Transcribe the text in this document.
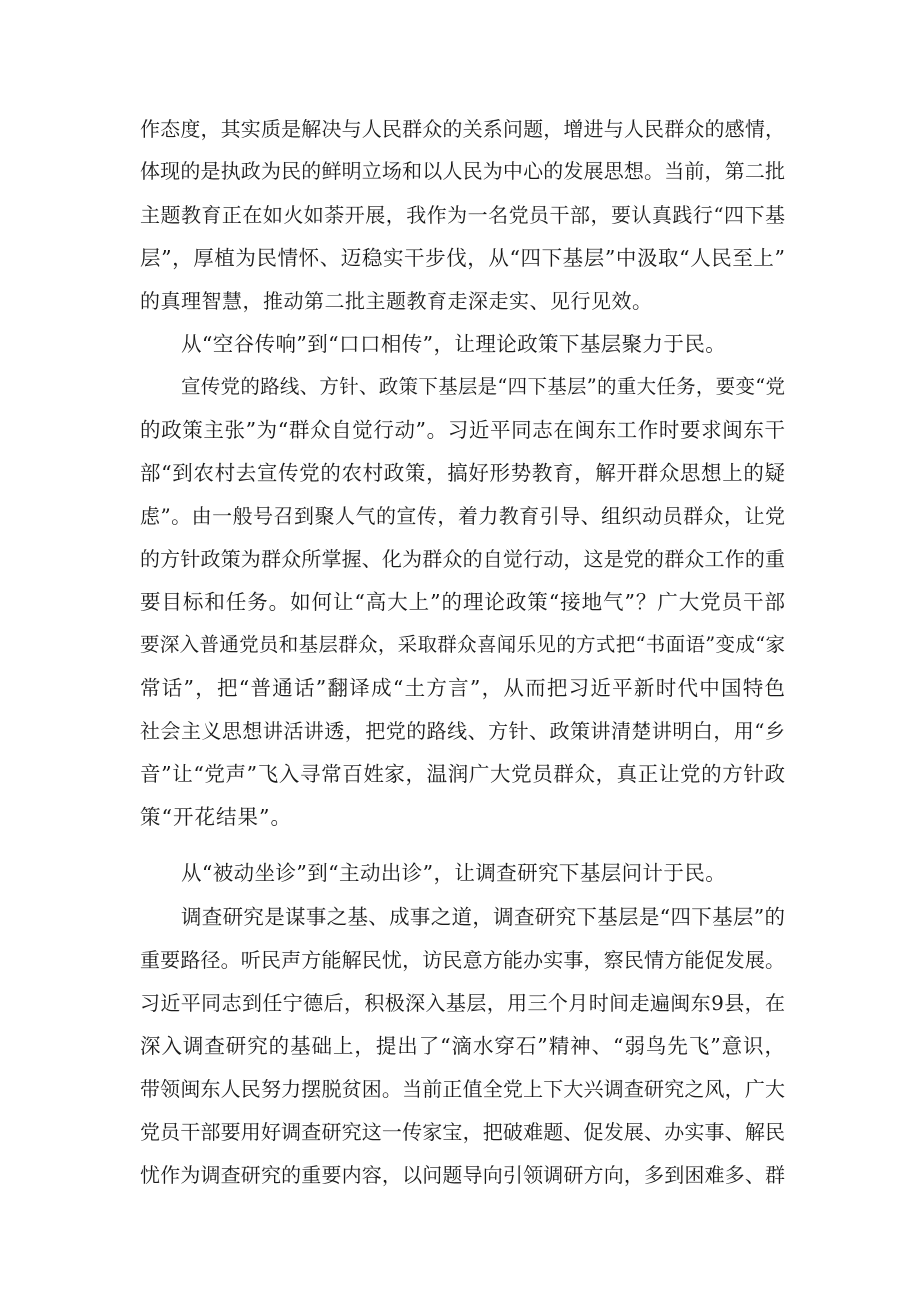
作态度，其实质是解决与人民群众的关系问题，增进与人民群众的感情，
体现的是执政为民的鲜明立场和以人民为中心的发展思想。当前，第二批
主题教育正在如火如荼开展，我作为一名党员干部，要认真践行“四下基
层”，厚植为民情怀、迈稳实干步伐，从“四下基层”中汲取“人民至上”
的真理智慧，推动第二批主题教育走深走实、见行见效。
从“空谷传响”到“口口相传”，让理论政策下基层聚力于民。
宣传党的路线、方针、政策下基层是“四下基层”的重大任务，要变“党
的政策主张”为“群众自觉行动”。习近平同志在闽东工作时要求闽东干
部“到农村去宣传党的农村政策，搞好形势教育，解开群众思想上的疑
虑”。由一般号召到聚人气的宣传，着力教育引导、组织动员群众，让党
的方针政策为群众所掌握、化为群众的自觉行动，这是党的群众工作的重
要目标和任务。如何让“高大上”的理论政策“接地气”？广大党员干部
要深入普通党员和基层群众，采取群众喜闻乐见的方式把“书面语”变成“家
常话”，把“普通话”翻译成“土方言”，从而把习近平新时代中国特色
社会主义思想讲活讲透，把党的路线、方针、政策讲清楚讲明白，用“乡
音”让“党声”飞入寻常百姓家，温润广大党员群众，真正让党的方针政
策“开花结果”。
从“被动坐诊”到“主动出诊”，让调查研究下基层问计于民。
调查研究是谋事之基、成事之道，调查研究下基层是“四下基层”的
重要路径。听民声方能解民忧，访民意方能办实事，察民情方能促发展。
习近平同志到任宁德后，积极深入基层，用三个月时间走遍闽东9县，在
深入调查研究的基础上，提出了“滴水穿石”精神、“弱鸟先飞”意识，
带领闽东人民努力摆脱贫困。当前正值全党上下大兴调查研究之风，广大
党员干部要用好调查研究这一传家宝，把破难题、促发展、办实事、解民
忧作为调查研究的重要内容，以问题导向引领调研方向，多到困难多、群
